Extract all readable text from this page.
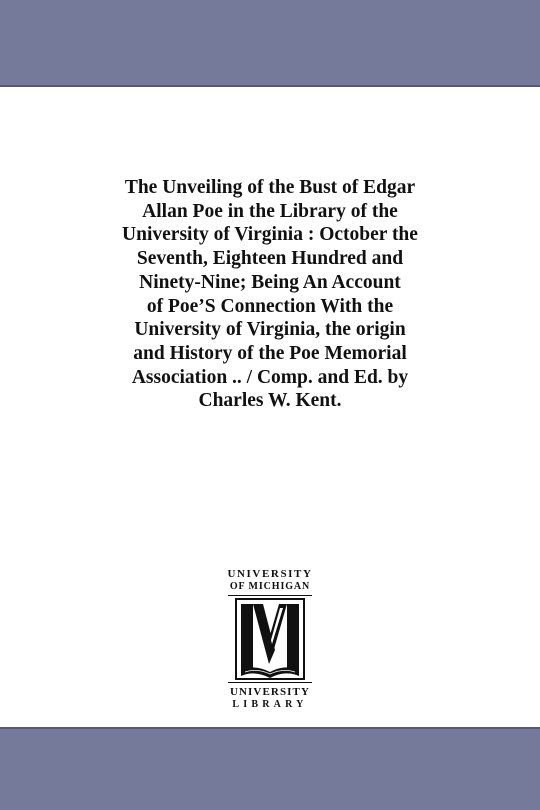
The Unveiling of the Bust of Edgar
Allan Poe in the Library of the
University of Virginia : October the
Seventh, Eighteen Hundred and
Ninety-Nine; Being An Account
of Poe’S Connection With the
University of Virginia, the origin
and History of the Poe Memorial
Association .. / Comp. and Ed. by
Charles W. Kent.
UNIVERSITY
OF MICHIGAN
UNIVERSITY
LIBRARY
